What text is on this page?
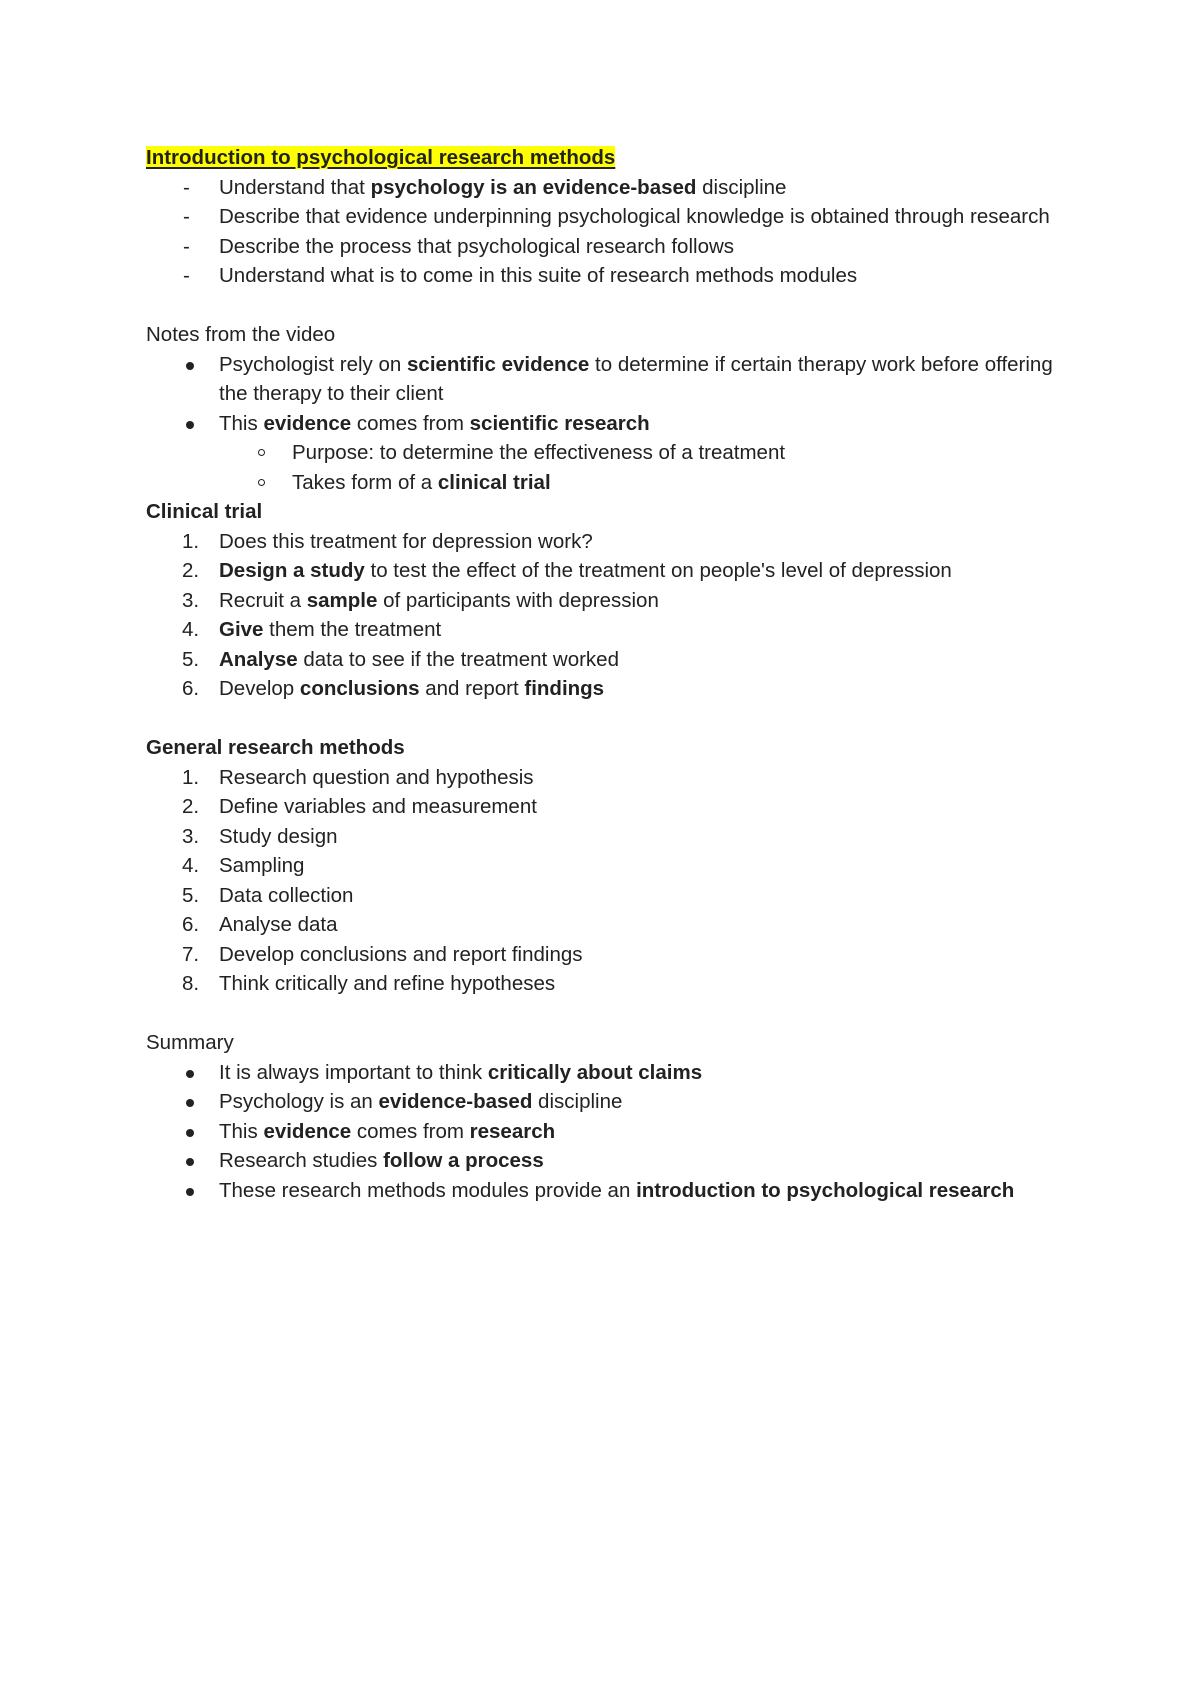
Introduction to psychological research methods

-	Understand that psychology is an evidence-based discipline
-	Describe that evidence underpinning psychological knowledge is obtained through research
-	Describe the process that psychological research follows
-	Understand what is to come in this suite of research methods modules

Notes from the video

Psychologist rely on scientific evidence to determine if certain therapy work before offering the therapy to their client
This evidence comes from scientific research
Purpose: to determine the effectiveness of a treatment
Takes form of a clinical trial

Clinical trial

1. Does this treatment for depression work?
2. Design a study to test the effect of the treatment on people's level of depression
3. Recruit a sample of participants with depression
4. Give them the treatment
5. Analyse data to see if the treatment worked
6. Develop conclusions and report findings

General research methods

1. Research question and hypothesis
2. Define variables and measurement
3. Study design
4. Sampling
5. Data collection
6. Analyse data
7. Develop conclusions and report findings
8. Think critically and refine hypotheses

Summary

It is always important to think critically about claims
Psychology is an evidence-based discipline
This evidence comes from research
Research studies follow a process
These research methods modules provide an introduction to psychological research
